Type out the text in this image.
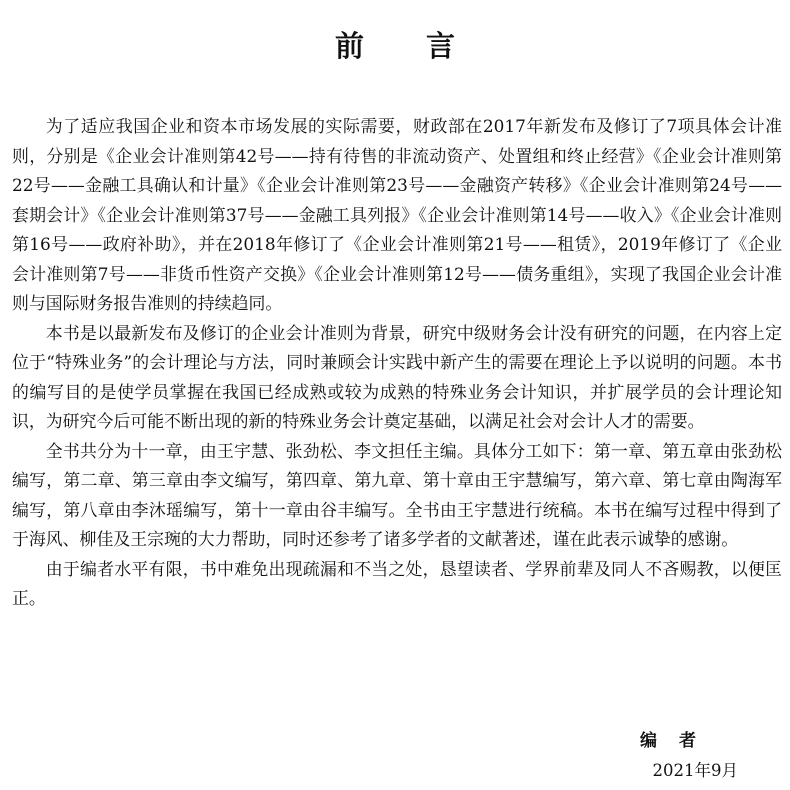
前言

为了适应我国企业和资本市场发展的实际需要，财政部在2017年新发布及修订了7项具体会计准则，分别是《企业会计准则第42号——持有待售的非流动资产、处置组和终止经营》《企业会计准则第22号——金融工具确认和计量》《企业会计准则第23号——金融资产转移》《企业会计准则第24号——套期会计》《企业会计准则第37号——金融工具列报》《企业会计准则第14号——收入》《企业会计准则第16号——政府补助》，并在2018年修订了《企业会计准则第21号——租赁》，2019年修订了《企业会计准则第7号——非货币性资产交换》《企业会计准则第12号——债务重组》，实现了我国企业会计准则与国际财务报告准则的持续趋同。

本书是以最新发布及修订的企业会计准则为背景，研究中级财务会计没有研究的问题，在内容上定位于“特殊业务”的会计理论与方法，同时兼顾会计实践中新产生的需要在理论上予以说明的问题。本书的编写目的是使学员掌握在我国已经成熟或较为成熟的特殊业务会计知识，并扩展学员的会计理论知识，为研究今后可能不断出现的新的特殊业务会计奠定基础，以满足社会对会计人才的需要。

全书共分为十一章，由王宇慧、张劲松、李文担任主编。具体分工如下：第一章、第五章由张劲松编写，第二章、第三章由李文编写，第四章、第九章、第十章由王宇慧编写，第六章、第七章由陶海军编写，第八章由李沐瑶编写，第十一章由谷丰编写。全书由王宇慧进行统稿。本书在编写过程中得到了于海风、柳佳及王宗琬的大力帮助，同时还参考了诸多学者的文献著述，谨在此表示诚挚的感谢。

由于编者水平有限，书中难免出现疏漏和不当之处，恳望读者、学界前辈及同人不吝赐教，以便匡正。

编者
2021年9月
